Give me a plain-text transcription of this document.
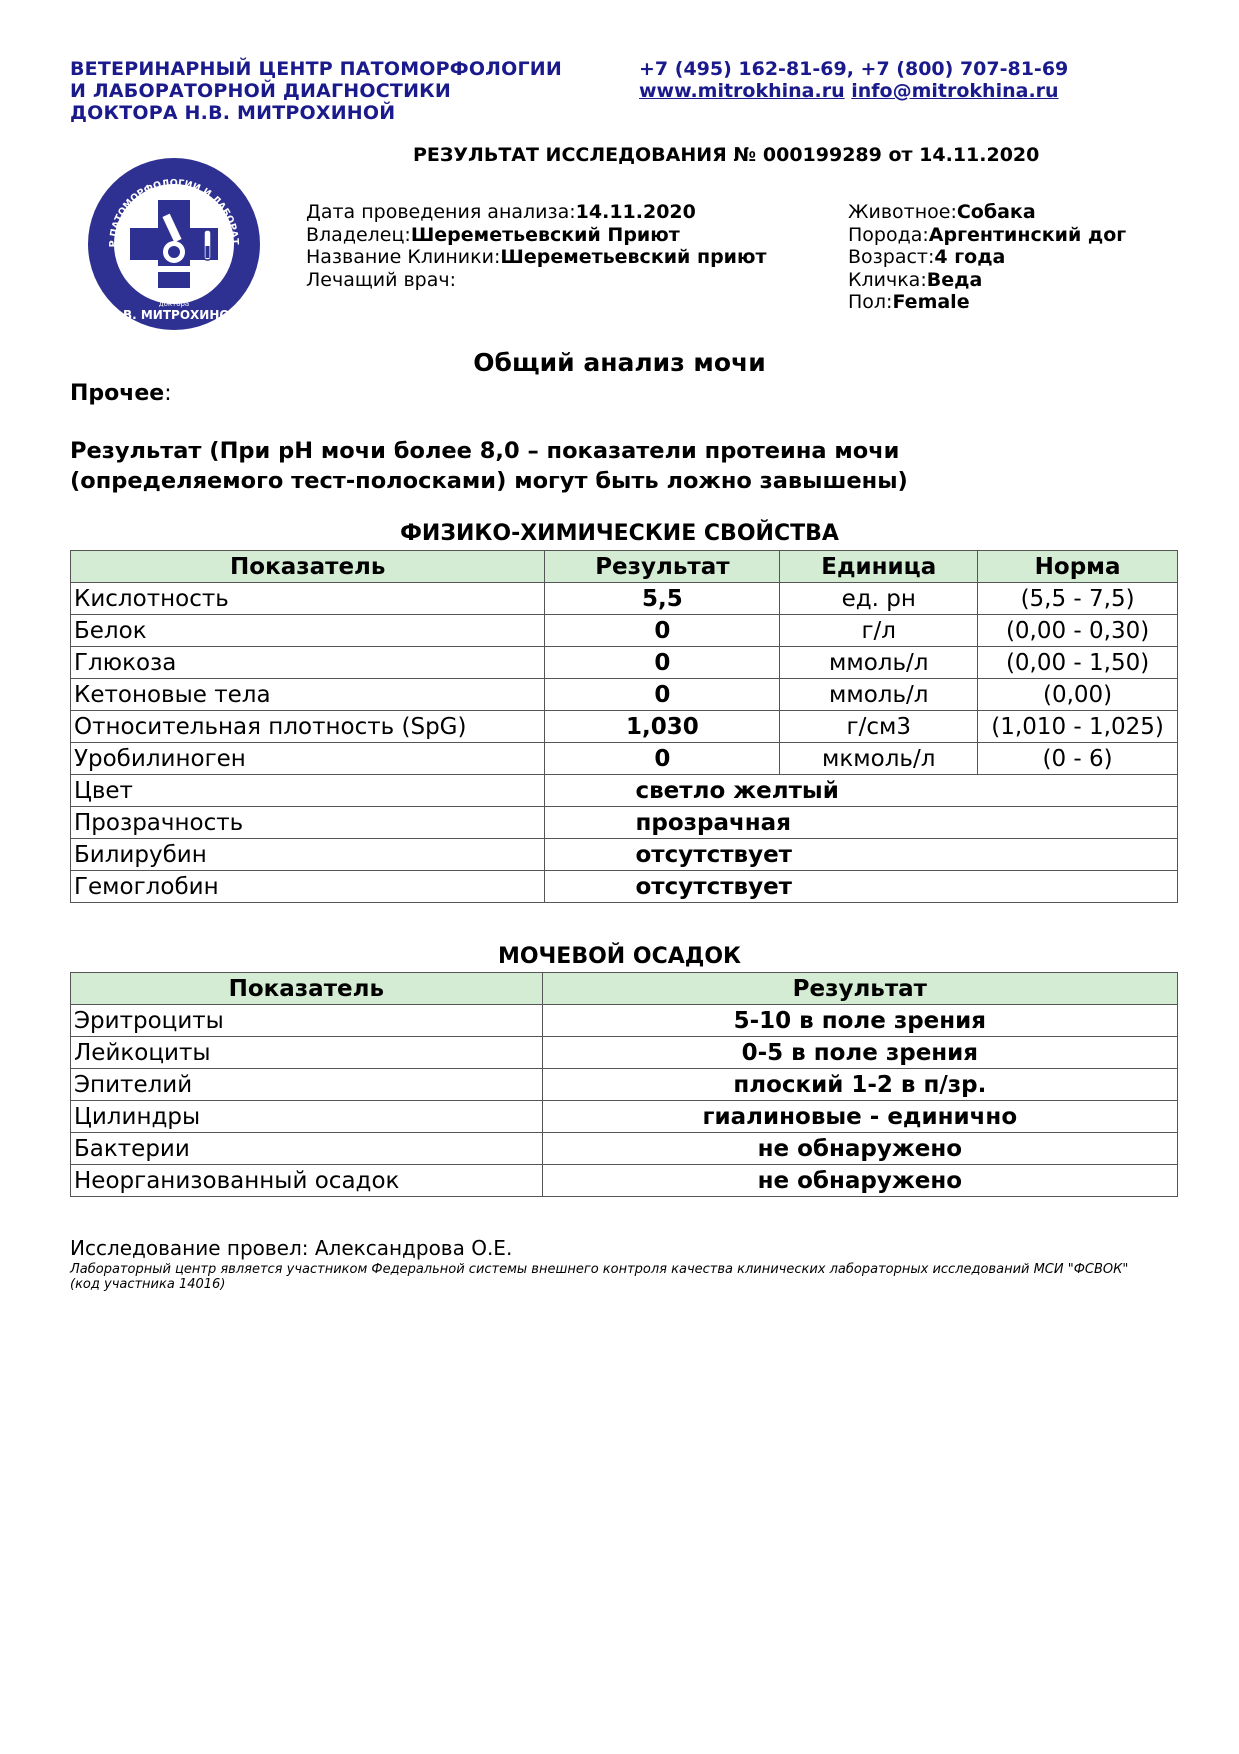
ВЕТЕРИНАРНЫЙ ЦЕНТР ПАТОМОРФОЛОГИИ
И ЛАБОРАТОРНОЙ ДИАГНОСТИКИ
ДОКТОРА Н.В. МИТРОХИНОЙ
+7 (495) 162-81-69, +7 (800) 707-81-69
www.mitrokhina.ru info@mitrokhina.ru
РЕЗУЛЬТАТ ИССЛЕДОВАНИЯ № 000199289 от 14.11.2020
Р ПАТОМОРФОЛОГИИ И ЛАБОРАТ
доктора
Н.В. МИТРОХИНОЙ
Дата проведения анализа:14.11.2020
Владелец:Шереметьевский Приют
Название Клиники:Шереметьевский приют
Лечащий врач:
Животное:Собака
Порода:Аргентинский дог
Возраст:4 года
Кличка:Веда
Пол:Female
Общий анализ мочи
Прочее:
Результат (При pH мочи более 8,0 – показатели протеина мочи
(определяемого тест-полосками) могут быть ложно завышены)
ФИЗИКО-ХИМИЧЕСКИЕ СВОЙСТВА
Показатель	Результат	Единица	Норма
Кислотность	5,5	ед. рн	(5,5 - 7,5)
Белок	0	г/л	(0,00 - 0,30)
Глюкоза	0	ммоль/л	(0,00 - 1,50)
Кетоновые тела	0	ммоль/л	(0,00)
Относительная плотность (SpG)	1,030	г/см3	(1,010 - 1,025)
Уробилиноген	0	мкмоль/л	(0 - 6)
Цвет	светло желтый		
Прозрачность	прозрачная		
Билирубин	отсутствует		
Гемоглобин	отсутствует		
МОЧЕВОЙ ОСАДОК
Показатель	Результат
Эритроциты	5-10 в поле зрения
Лейкоциты	0-5 в поле зрения
Эпителий	плоский 1-2 в п/зр.
Цилиндры	гиалиновые - единично
Бактерии	не обнаружено
Неорганизованный осадок	не обнаружено
Исследование провел: Александрова О.Е.
Лабораторный центр является участником Федеральной системы внешнего контроля качества клинических лабораторных исследований МСИ "ФСВОК" (код участника 14016)
